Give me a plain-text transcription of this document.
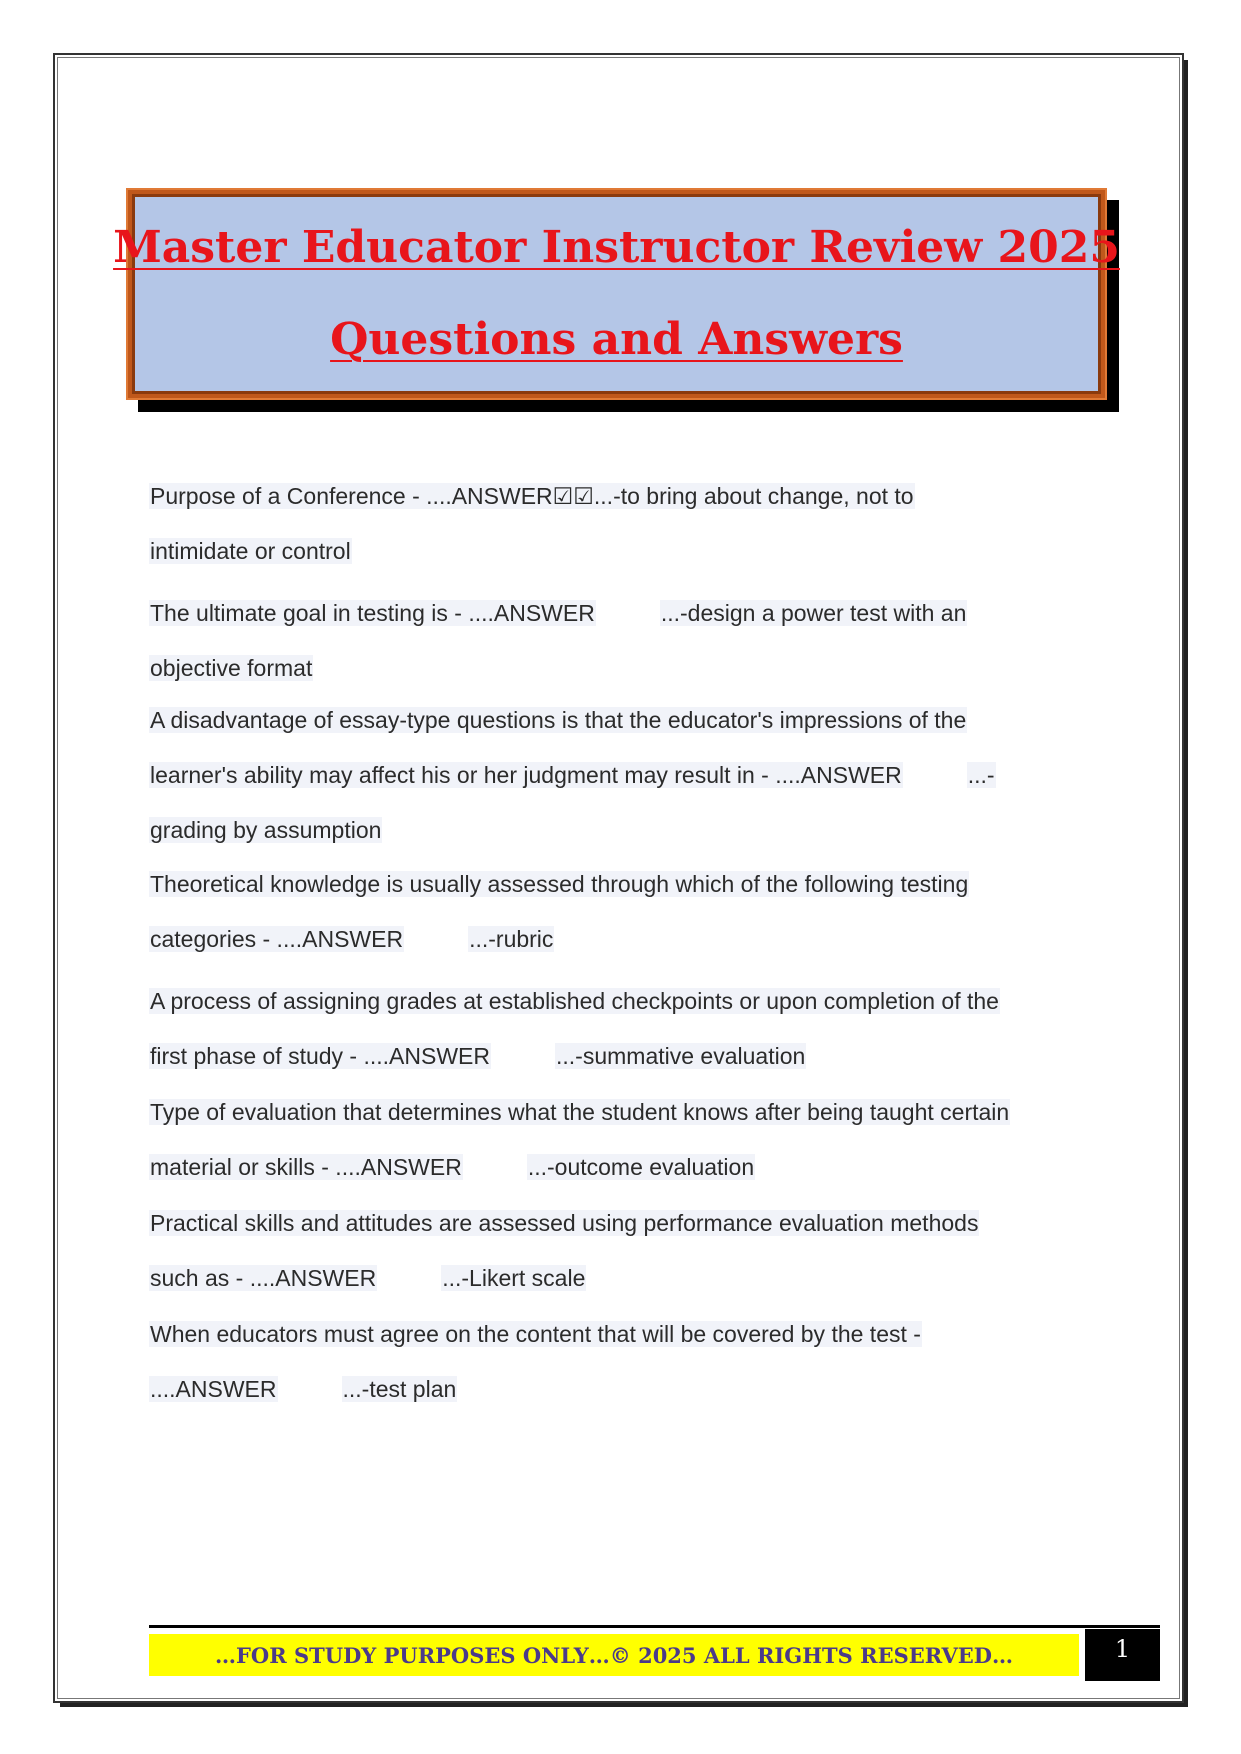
Master Educator Instructor Review 2025
Questions and Answers
Purpose of a Conference - ....ANSWER☑☑...-to bring about change, not to
intimidate or control
The ultimate goal in testing is - ....ANSWER	...-design a power test with an
objective format
A disadvantage of essay-type questions is that the educator's impressions of the
learner's ability may affect his or her judgment may result in - ....ANSWER	...-
grading by assumption
Theoretical knowledge is usually assessed through which of the following testing
categories - ....ANSWER	...-rubric
A process of assigning grades at established checkpoints or upon completion of the
first phase of study - ....ANSWER	...-summative evaluation
Type of evaluation that determines what the student knows after being taught certain
material or skills - ....ANSWER	...-outcome evaluation
Practical skills and attitudes are assessed using performance evaluation methods
such as - ....ANSWER	...-Likert scale
When educators must agree on the content that will be covered by the test -
....ANSWER	...-test plan
…FOR STUDY PURPOSES ONLY…© 2025 ALL RIGHTS RESERVED…	1
